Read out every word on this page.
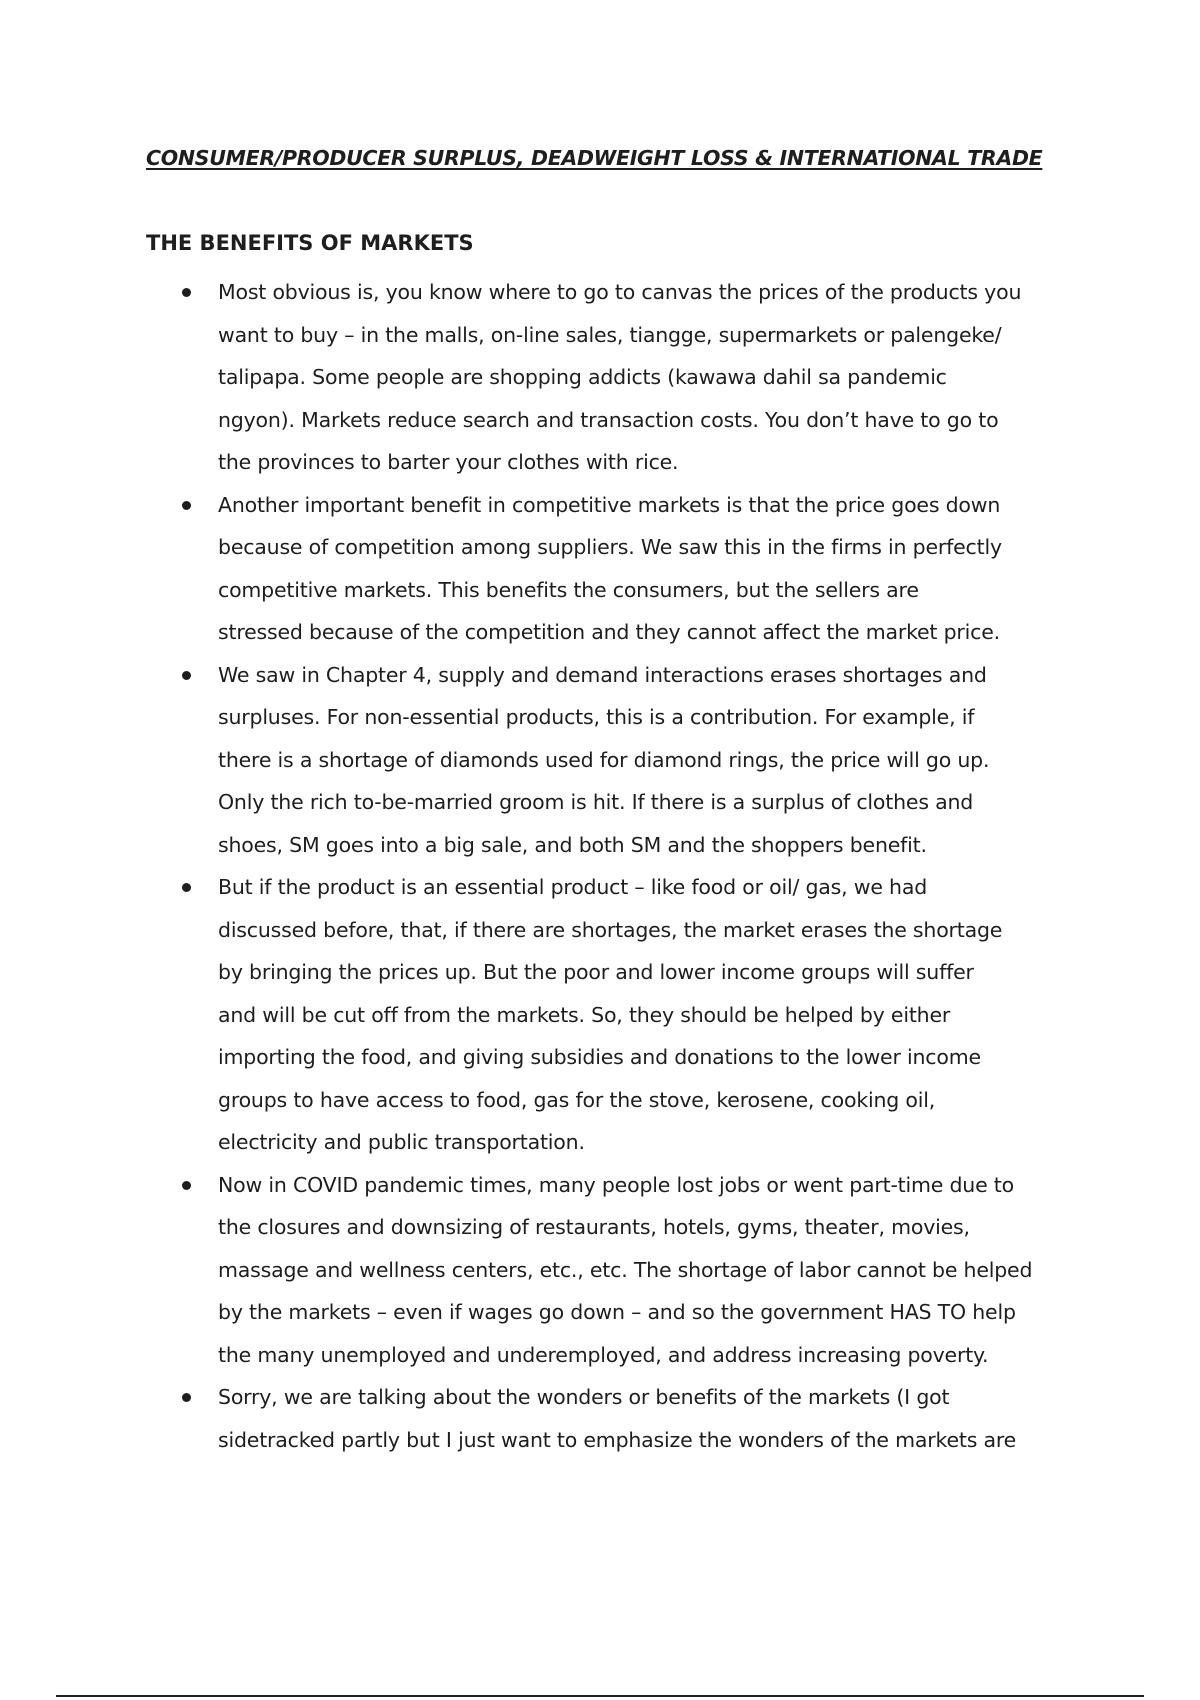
CONSUMER/PRODUCER SURPLUS, DEADWEIGHT LOSS & INTERNATIONAL TRADE
THE BENEFITS OF MARKETS
Most obvious is, you know where to go to canvas the prices of the products you
want to buy – in the malls, on-line sales, tiangge, supermarkets or palengeke/
talipapa. Some people are shopping addicts (kawawa dahil sa pandemic
ngyon). Markets reduce search and transaction costs. You don’t have to go to
the provinces to barter your clothes with rice.
Another important benefit in competitive markets is that the price goes down
because of competition among suppliers. We saw this in the firms in perfectly
competitive markets. This benefits the consumers, but the sellers are
stressed because of the competition and they cannot affect the market price.
We saw in Chapter 4, supply and demand interactions erases shortages and
surpluses. For non-essential products, this is a contribution. For example, if
there is a shortage of diamonds used for diamond rings, the price will go up.
Only the rich to-be-married groom is hit. If there is a surplus of clothes and
shoes, SM goes into a big sale, and both SM and the shoppers benefit.
But if the product is an essential product – like food or oil/ gas, we had
discussed before, that, if there are shortages, the market erases the shortage
by bringing the prices up. But the poor and lower income groups will suffer
and will be cut off from the markets. So, they should be helped by either
importing the food, and giving subsidies and donations to the lower income
groups to have access to food, gas for the stove, kerosene, cooking oil,
electricity and public transportation.
Now in COVID pandemic times, many people lost jobs or went part-time due to
the closures and downsizing of restaurants, hotels, gyms, theater, movies,
massage and wellness centers, etc., etc. The shortage of labor cannot be helped
by the markets – even if wages go down – and so the government HAS TO help
the many unemployed and underemployed, and address increasing poverty.
Sorry, we are talking about the wonders or benefits of the markets (I got
sidetracked partly but I just want to emphasize the wonders of the markets are
